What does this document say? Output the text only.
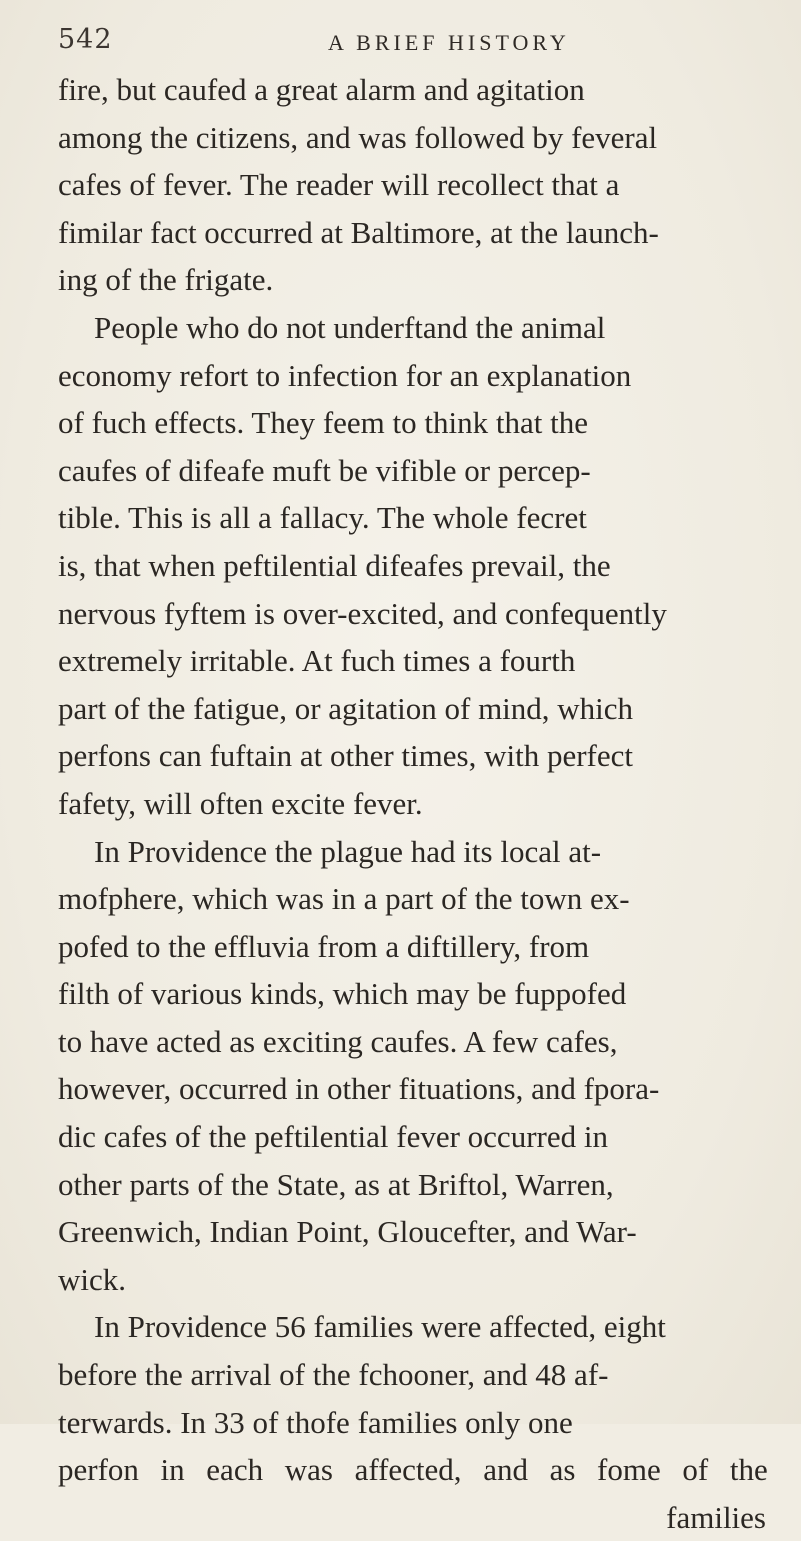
542	A BRIEF HISTORY
fire, but caufed a great alarm and agitation
among the citizens, and was followed by feveral
cafes of fever. The reader will recollect that a
fimilar fact occurred at Baltimore, at the launch-
ing of the frigate.
People who do not underftand the animal
economy refort to infection for an explanation
of fuch effects. They feem to think that the
caufes of difeafe muft be vifible or percep-
tible. This is all a fallacy. The whole fecret
is, that when peftilential difeafes prevail, the
nervous fyftem is over-excited, and confequently
extremely irritable. At fuch times a fourth
part of the fatigue, or agitation of mind, which
perfons can fuftain at other times, with perfect
fafety, will often excite fever.
In Providence the plague had its local at-
mofphere, which was in a part of the town ex-
pofed to the effluvia from a diftillery, from
filth of various kinds, which may be fuppofed
to have acted as exciting caufes. A few cafes,
however, occurred in other fituations, and fpora-
dic cafes of the peftilential fever occurred in
other parts of the State, as at Briftol, Warren,
Greenwich, Indian Point, Gloucefter, and War-
wick.
In Providence 56 families were affected, eight
before the arrival of the fchooner, and 48 af-
terwards. In 33 of thofe families only one
perfon in each was affected, and as fome of the
families
